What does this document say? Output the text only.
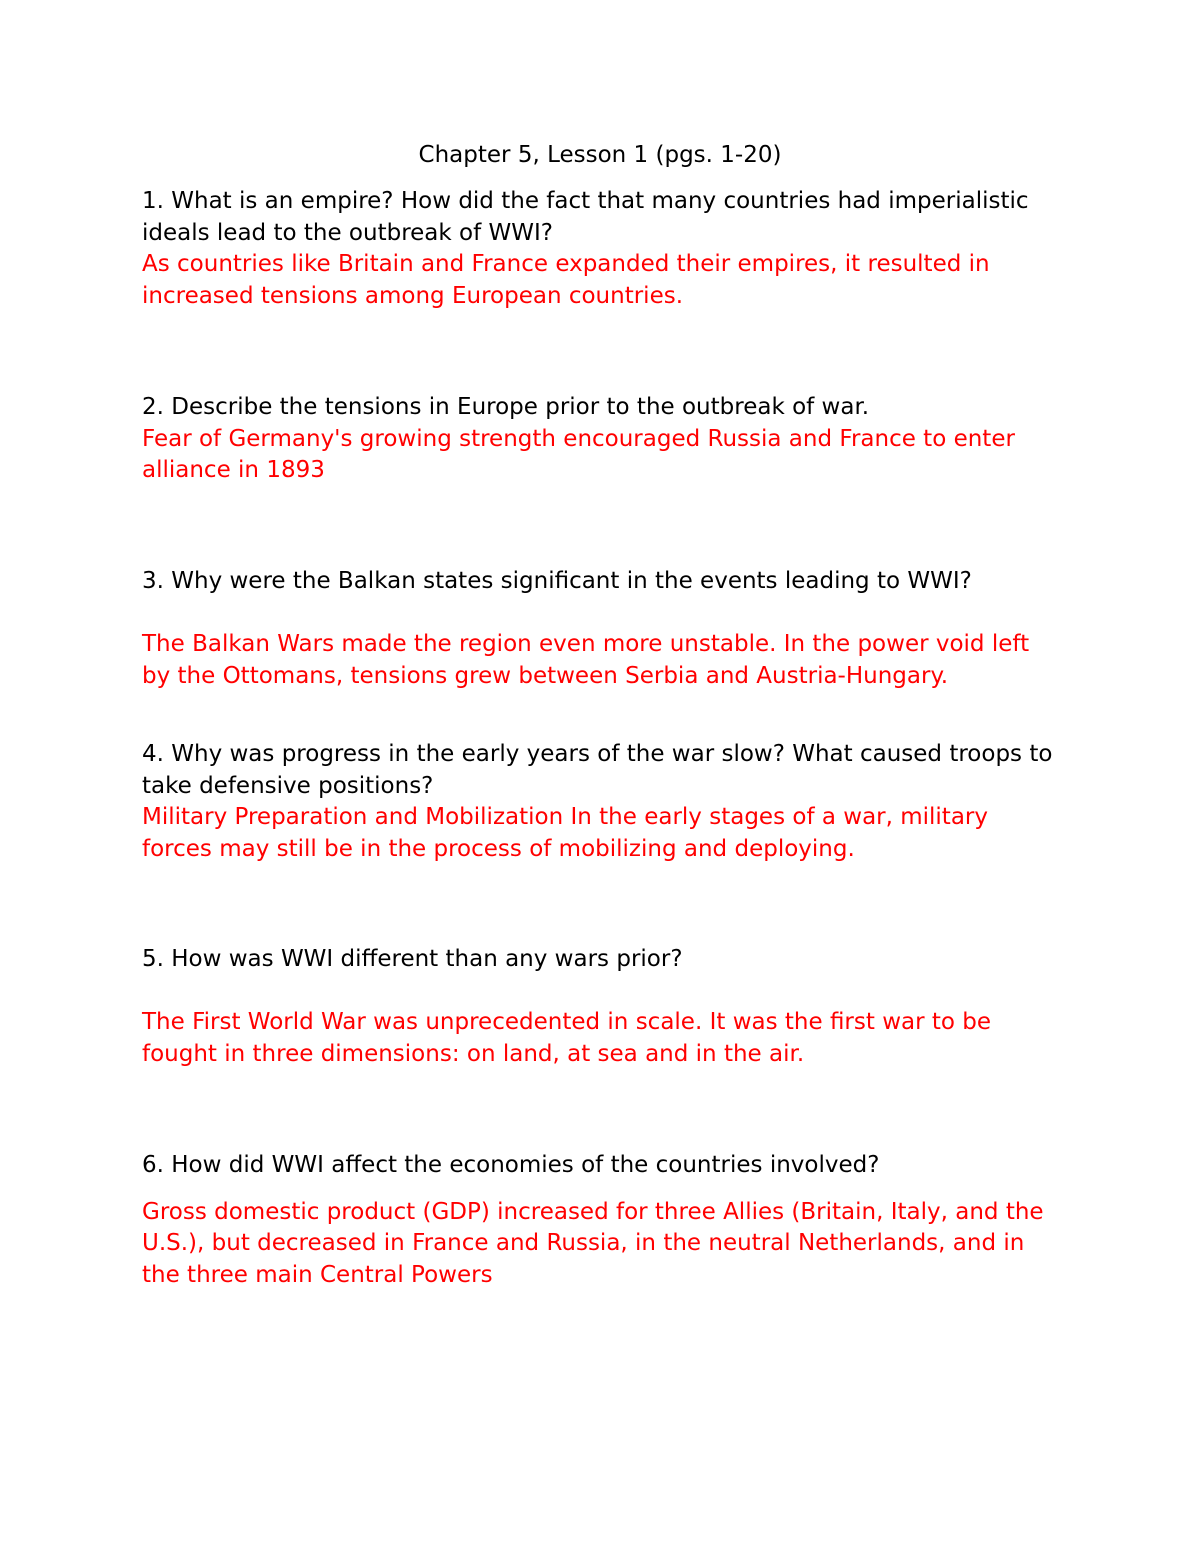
Chapter 5, Lesson 1 (pgs. 1-20)

1. What is an empire? How did the fact that many countries had imperialistic ideals lead to the outbreak of WWI?

As countries like Britain and France expanded their empires, it resulted in increased tensions among European countries.

2. Describe the tensions in Europe prior to the outbreak of war.

Fear of Germany's growing strength encouraged Russia and France to enter alliance in 1893

3. Why were the Balkan states significant in the events leading to WWI?

The Balkan Wars made the region even more unstable. In the power void left by the Ottomans, tensions grew between Serbia and Austria-Hungary.

4. Why was progress in the early years of the war slow? What caused troops to take defensive positions?

Military Preparation and Mobilization In the early stages of a war, military forces may still be in the process of mobilizing and deploying.

5. How was WWI different than any wars prior?

The First World War was unprecedented in scale. It was the first war to be fought in three dimensions: on land, at sea and in the air.

6. How did WWI affect the economies of the countries involved?

Gross domestic product (GDP) increased for three Allies (Britain, Italy, and the U.S.), but decreased in France and Russia, in the neutral Netherlands, and in the three main Central Powers
